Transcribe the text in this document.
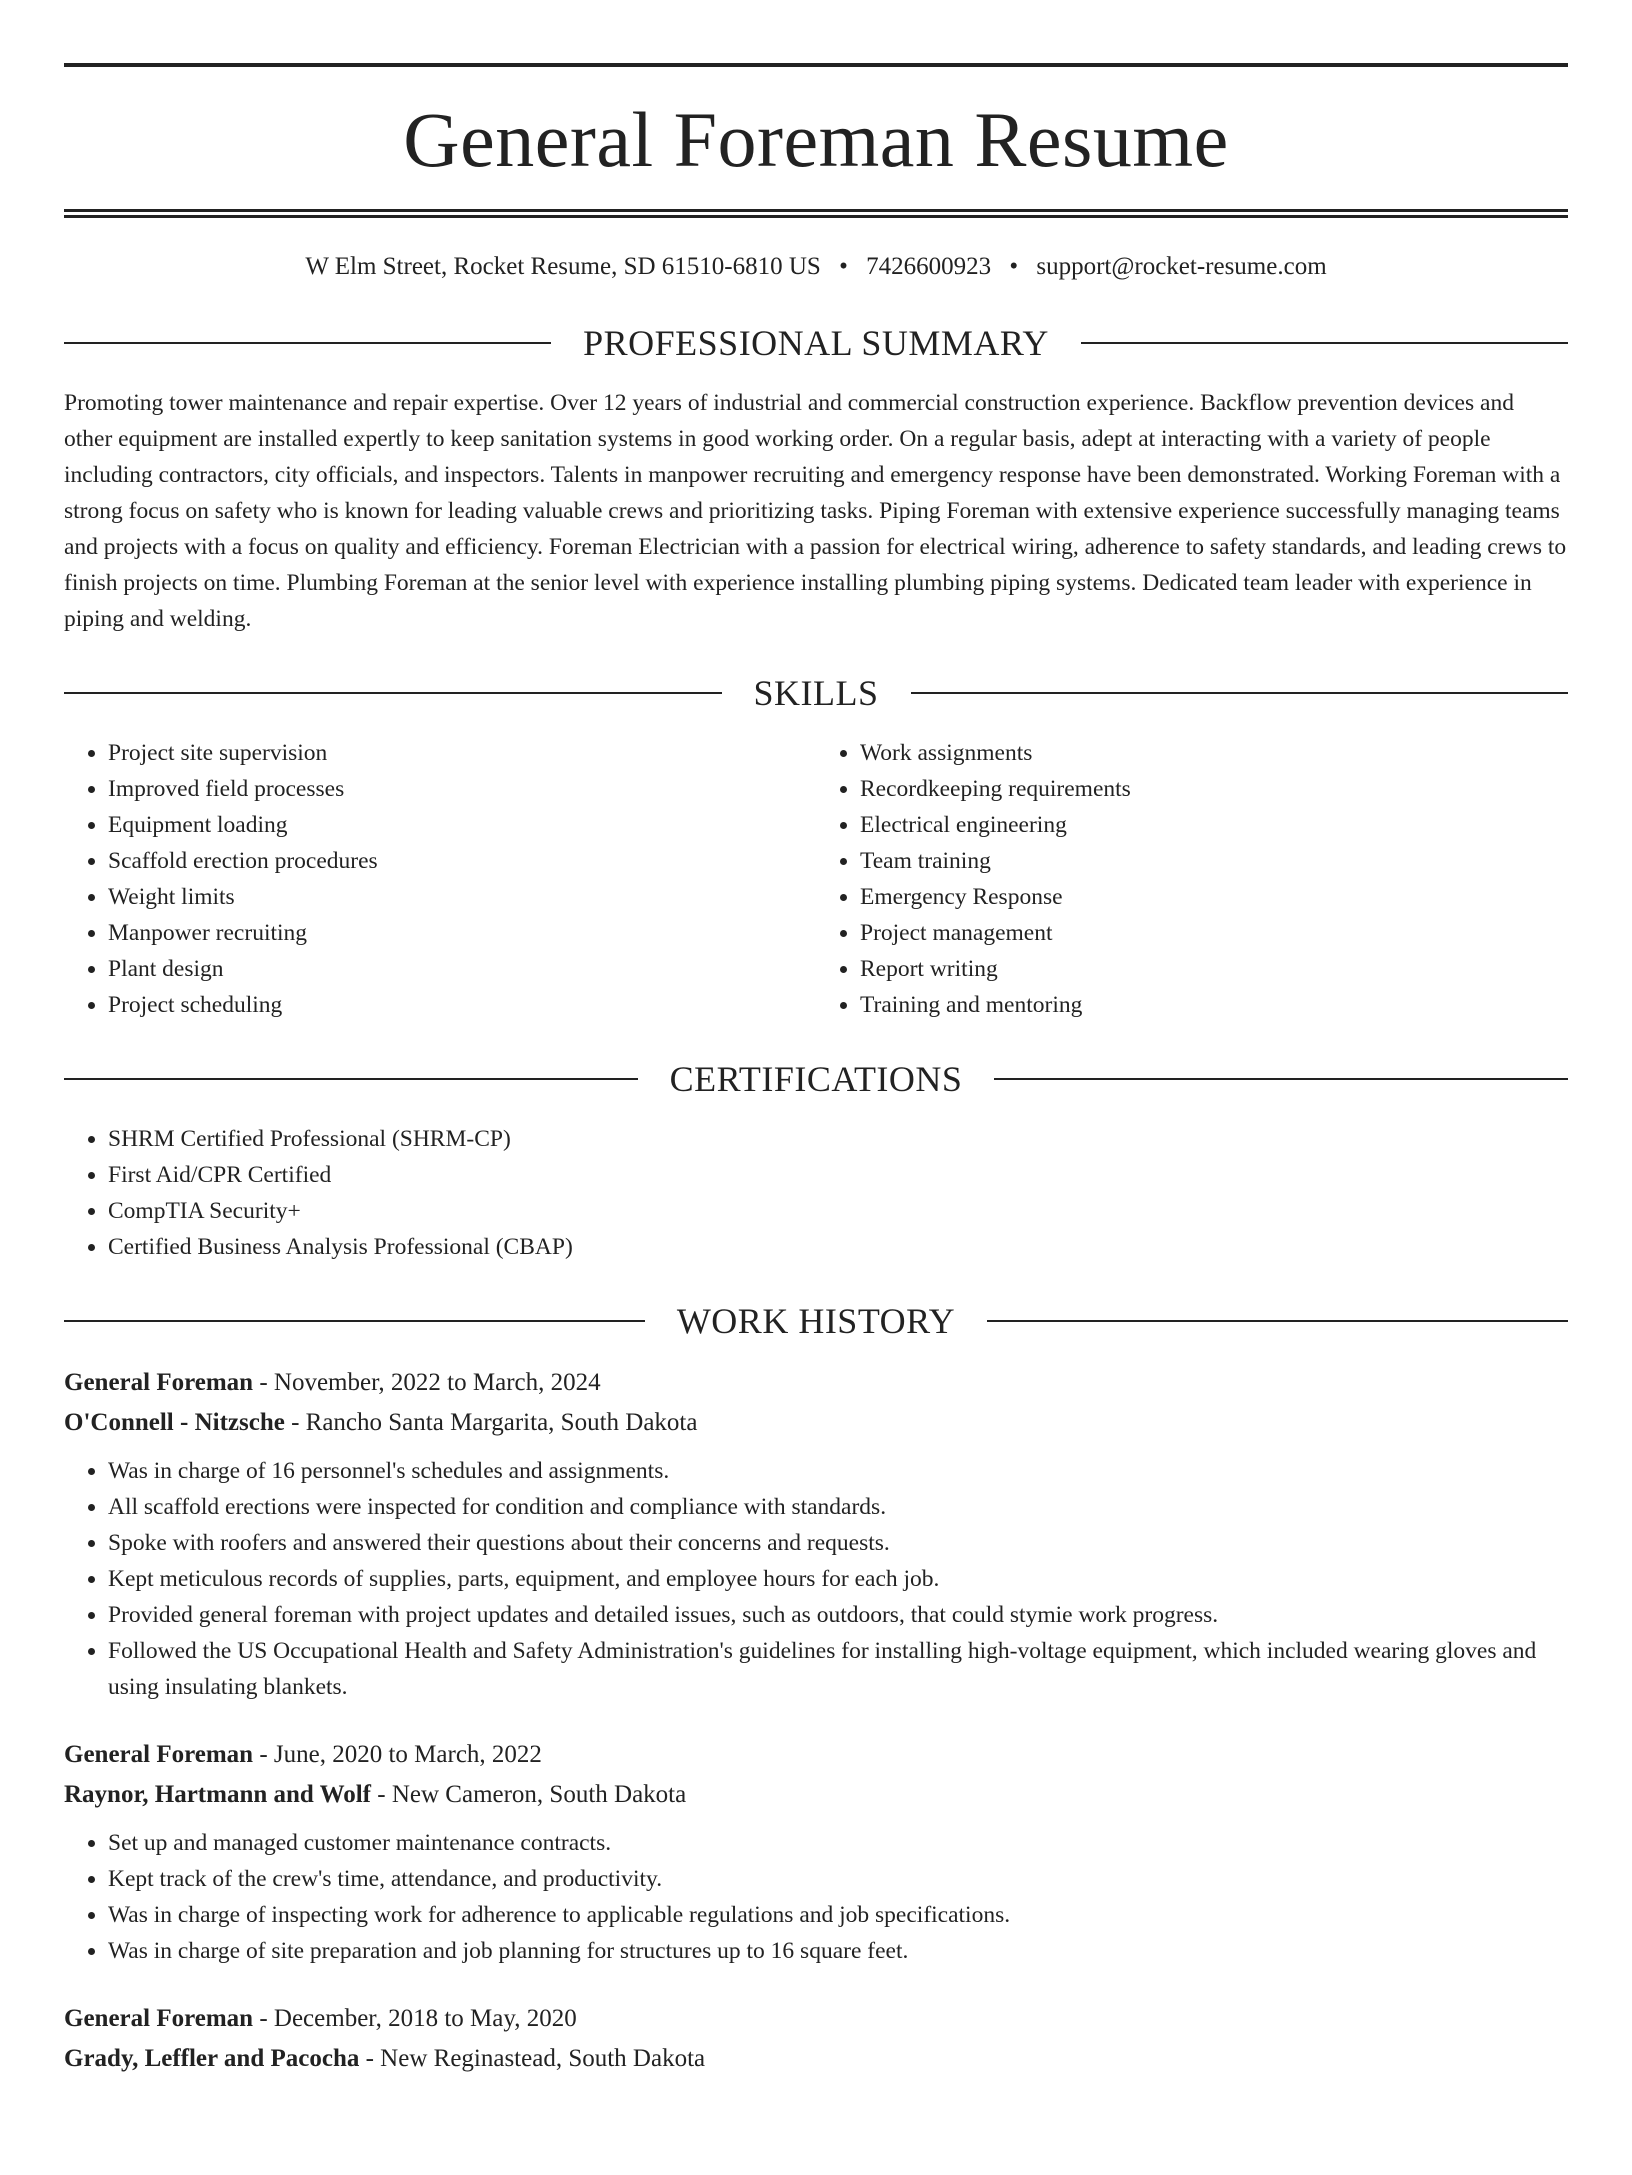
General Foreman Resume
W Elm Street, Rocket Resume, SD 61510-6810 US • 7426600923 • support@rocket-resume.com
PROFESSIONAL SUMMARY

Promoting tower maintenance and repair expertise. Over 12 years of industrial and commercial construction experience. Backflow prevention devices and other equipment are installed expertly to keep sanitation systems in good working order. On a regular basis, adept at interacting with a variety of people including contractors, city officials, and inspectors. Talents in manpower recruiting and emergency response have been demonstrated. Working Foreman with a strong focus on safety who is known for leading valuable crews and prioritizing tasks. Piping Foreman with extensive experience successfully managing teams and projects with a focus on quality and efficiency. Foreman Electrician with a passion for electrical wiring, adherence to safety standards, and leading crews to finish projects on time. Plumbing Foreman at the senior level with experience installing plumbing piping systems. Dedicated team leader with experience in piping and welding.

SKILLS
• Project site supervision
• Improved field processes
• Equipment loading
• Scaffold erection procedures
• Weight limits
• Manpower recruiting
• Plant design
• Project scheduling
• Work assignments
• Recordkeeping requirements
• Electrical engineering
• Team training
• Emergency Response
• Project management
• Report writing
• Training and mentoring
CERTIFICATIONS
• SHRM Certified Professional (SHRM-CP)
• First Aid/CPR Certified
• CompTIA Security+
• Certified Business Analysis Professional (CBAP)
WORK HISTORY
General Foreman - November, 2022 to March, 2024
O'Connell - Nitzsche - Rancho Santa Margarita, South Dakota
• Was in charge of 16 personnel's schedules and assignments.
• All scaffold erections were inspected for condition and compliance with standards.
• Spoke with roofers and answered their questions about their concerns and requests.
• Kept meticulous records of supplies, parts, equipment, and employee hours for each job.
• Provided general foreman with project updates and detailed issues, such as outdoors, that could stymie work progress.
• Followed the US Occupational Health and Safety Administration's guidelines for installing high-voltage equipment, which included wearing gloves and using insulating blankets.
General Foreman - June, 2020 to March, 2022
Raynor, Hartmann and Wolf - New Cameron, South Dakota
• Set up and managed customer maintenance contracts.
• Kept track of the crew's time, attendance, and productivity.
• Was in charge of inspecting work for adherence to applicable regulations and job specifications.
• Was in charge of site preparation and job planning for structures up to 16 square feet.
General Foreman - December, 2018 to May, 2020
Grady, Leffler and Pacocha - New Reginastead, South Dakota
